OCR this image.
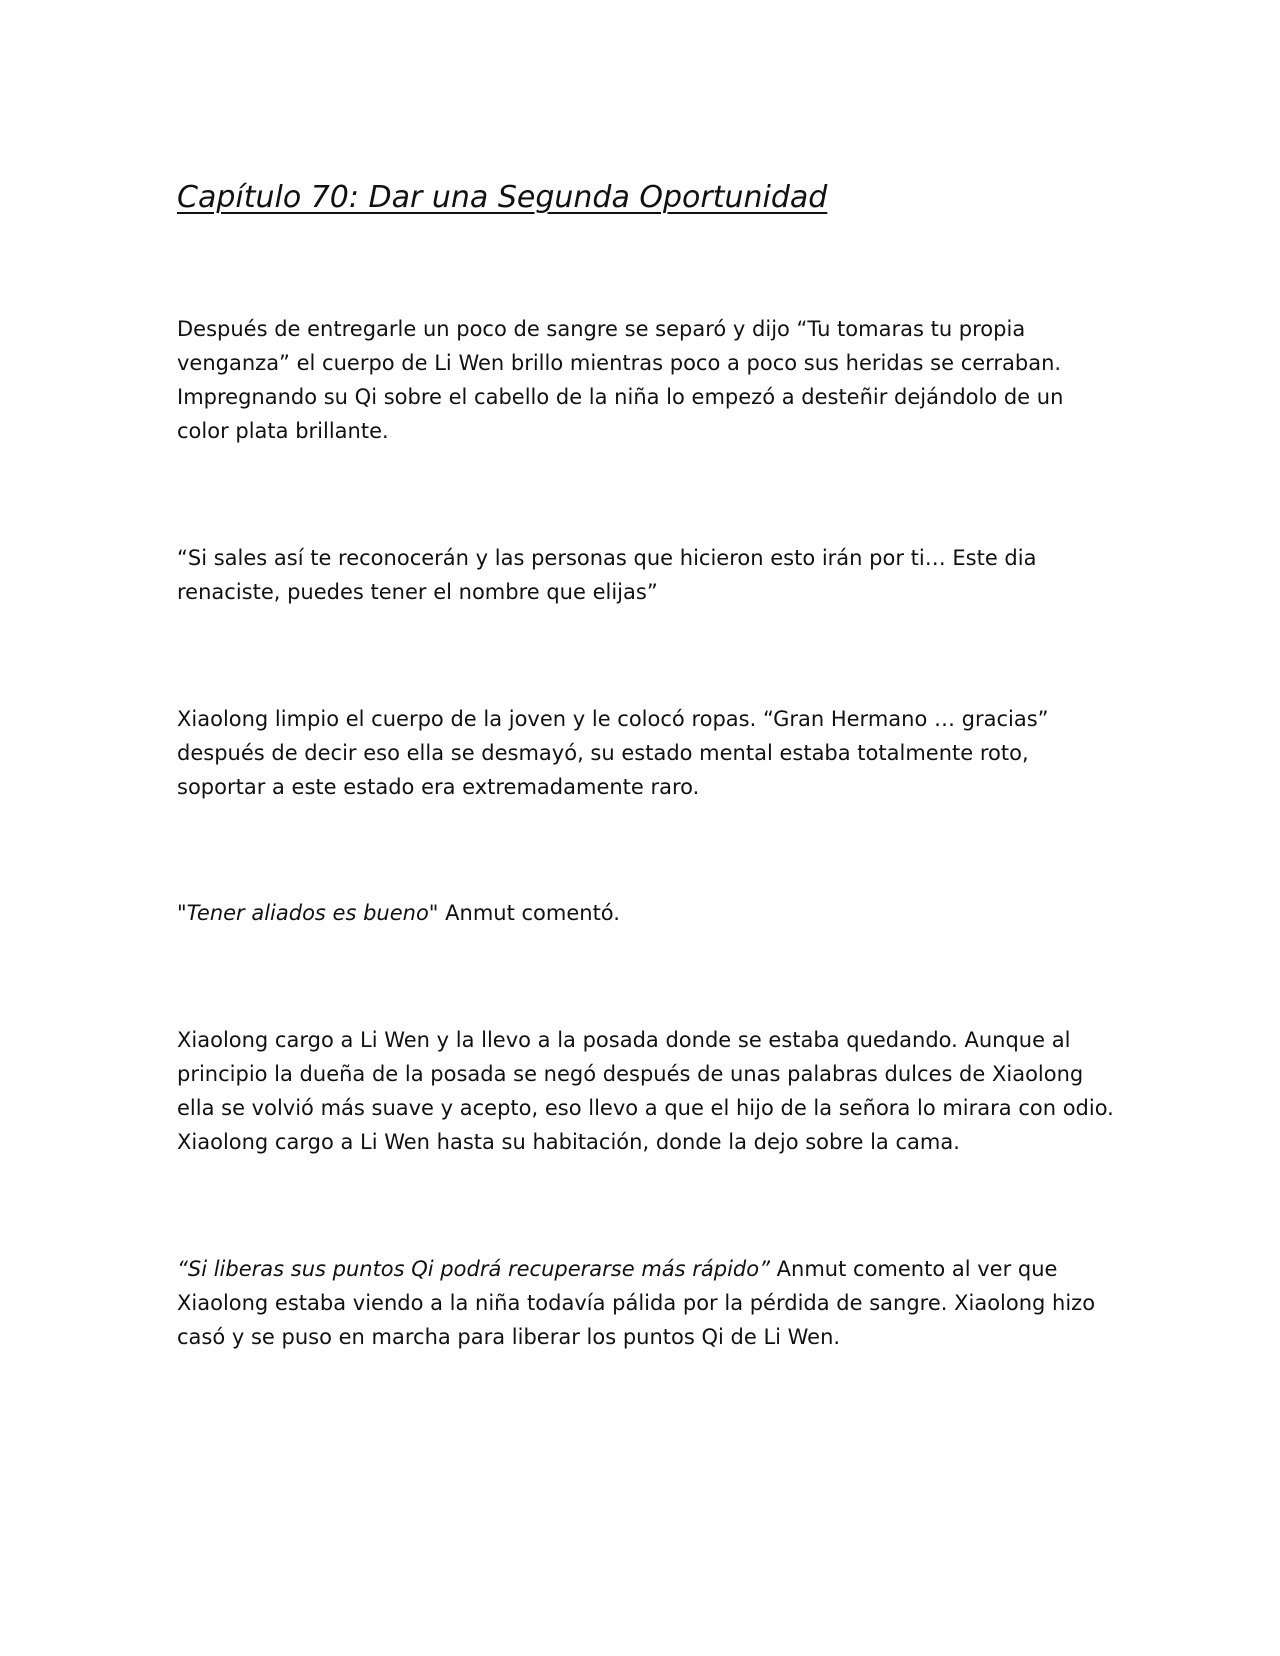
Capítulo 70: Dar una Segunda Oportunidad

Después de entregarle un poco de sangre se separó y dijo “Tu tomaras tu propia
venganza” el cuerpo de Li Wen brillo mientras poco a poco sus heridas se cerraban.
Impregnando su Qi sobre el cabello de la niña lo empezó a desteñir dejándolo de un
color plata brillante.

“Si sales así te reconocerán y las personas que hicieron esto irán por ti… Este dia
renaciste, puedes tener el nombre que elijas”

Xiaolong limpio el cuerpo de la joven y le colocó ropas. “Gran Hermano … gracias”
después de decir eso ella se desmayó, su estado mental estaba totalmente roto,
soportar a este estado era extremadamente raro.

"Tener aliados es bueno" Anmut comentó.

Xiaolong cargo a Li Wen y la llevo a la posada donde se estaba quedando. Aunque al
principio la dueña de la posada se negó después de unas palabras dulces de Xiaolong
ella se volvió más suave y acepto, eso llevo a que el hijo de la señora lo mirara con odio.
Xiaolong cargo a Li Wen hasta su habitación, donde la dejo sobre la cama.

“Si liberas sus puntos Qi podrá recuperarse más rápido” Anmut comento al ver que
Xiaolong estaba viendo a la niña todavía pálida por la pérdida de sangre. Xiaolong hizo
casó y se puso en marcha para liberar los puntos Qi de Li Wen.
